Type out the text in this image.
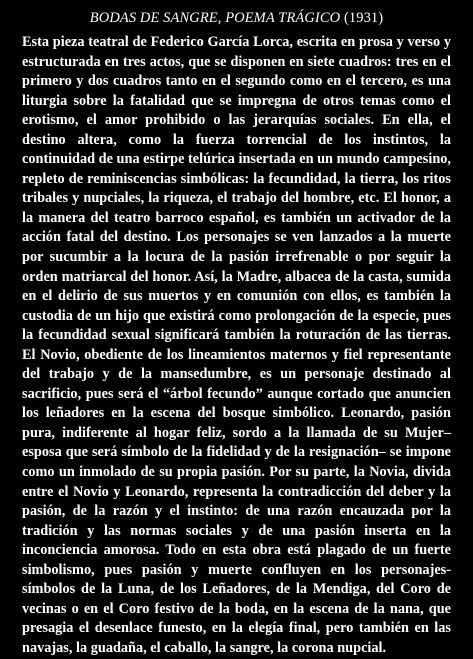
BODAS DE SANGRE, POEMA TRÁGICO (1931)

Esta pieza teatral de Federico García Lorca, escrita en prosa y verso y estructurada en tres actos, que se disponen en siete cuadros: tres en el primero y dos cuadros tanto en el segundo como en el tercero, es una liturgia sobre la fatalidad que se impregna de otros temas como el erotismo, el amor prohibido o las jerarquías sociales. En ella, el destino altera, como la fuerza torrencial de los instintos, la continuidad de una estirpe telúrica insertada en un mundo campesino, repleto de reminiscencias simbólicas: la fecundidad, la tierra, los ritos tribales y nupciales, la riqueza, el trabajo del hombre, etc. El honor, a la manera del teatro barroco español, es también un activador de la acción fatal del destino. Los personajes se ven lanzados a la muerte por sucumbir a la locura de la pasión irrefrenable o por seguir la orden matriarcal del honor. Así, la Madre, albacea de la casta, sumida en el delirio de sus muertos y en comunión con ellos, es también la custodia de un hijo que existirá como prolongación de la especie, pues la fecundidad sexual significará también la roturación de las tierras. El Novio, obediente de los lineamientos maternos y fiel representante del trabajo y de la mansedumbre, es un personaje destinado al sacrificio, pues será el “árbol fecundo” aunque cortado que anuncien los leñadores en la escena del bosque simbólico. Leonardo, pasión pura, indiferente al hogar feliz, sordo a la llamada de su Mujer– esposa que será símbolo de la fidelidad y de la resignación– se impone como un inmolado de su propia pasión. Por su parte, la Novia, divida entre el Novio y Leonardo, representa la contradicción del deber y la pasión, de la razón y el instinto: de una razón encauzada por la tradición y las normas sociales y de una pasión inserta en la inconciencia amorosa. Todo en esta obra está plagado de un fuerte simbolismo, pues pasión y muerte confluyen en los personajes-símbolos de la Luna, de los Leñadores, de la Mendiga, del Coro de vecinas o en el Coro festivo de la boda, en la escena de la nana, que presagia el desenlace funesto, en la elegía final, pero también en las navajas, la guadaña, el caballo, la sangre, la corona nupcial.
